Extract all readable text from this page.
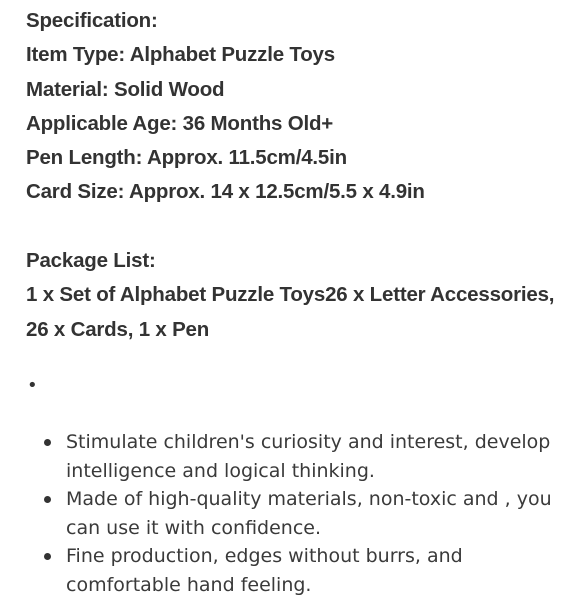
Specification:
Item Type: Alphabet Puzzle Toys
Material: Solid Wood
Applicable Age: 36 Months Old+
Pen Length: Approx. 11.5cm/4.5in
Card Size: Approx. 14 x 12.5cm/5.5 x 4.9in
Package List:
1 x Set of Alphabet Puzzle Toys26 x Letter Accessories,
26 x Cards, 1 x Pen
•
Stimulate children's curiosity and interest, develop intelligence and logical thinking.
Made of high-quality materials, non-toxic and , you can use it with confidence.
Fine production, edges without burrs, and comfortable hand feeling.
